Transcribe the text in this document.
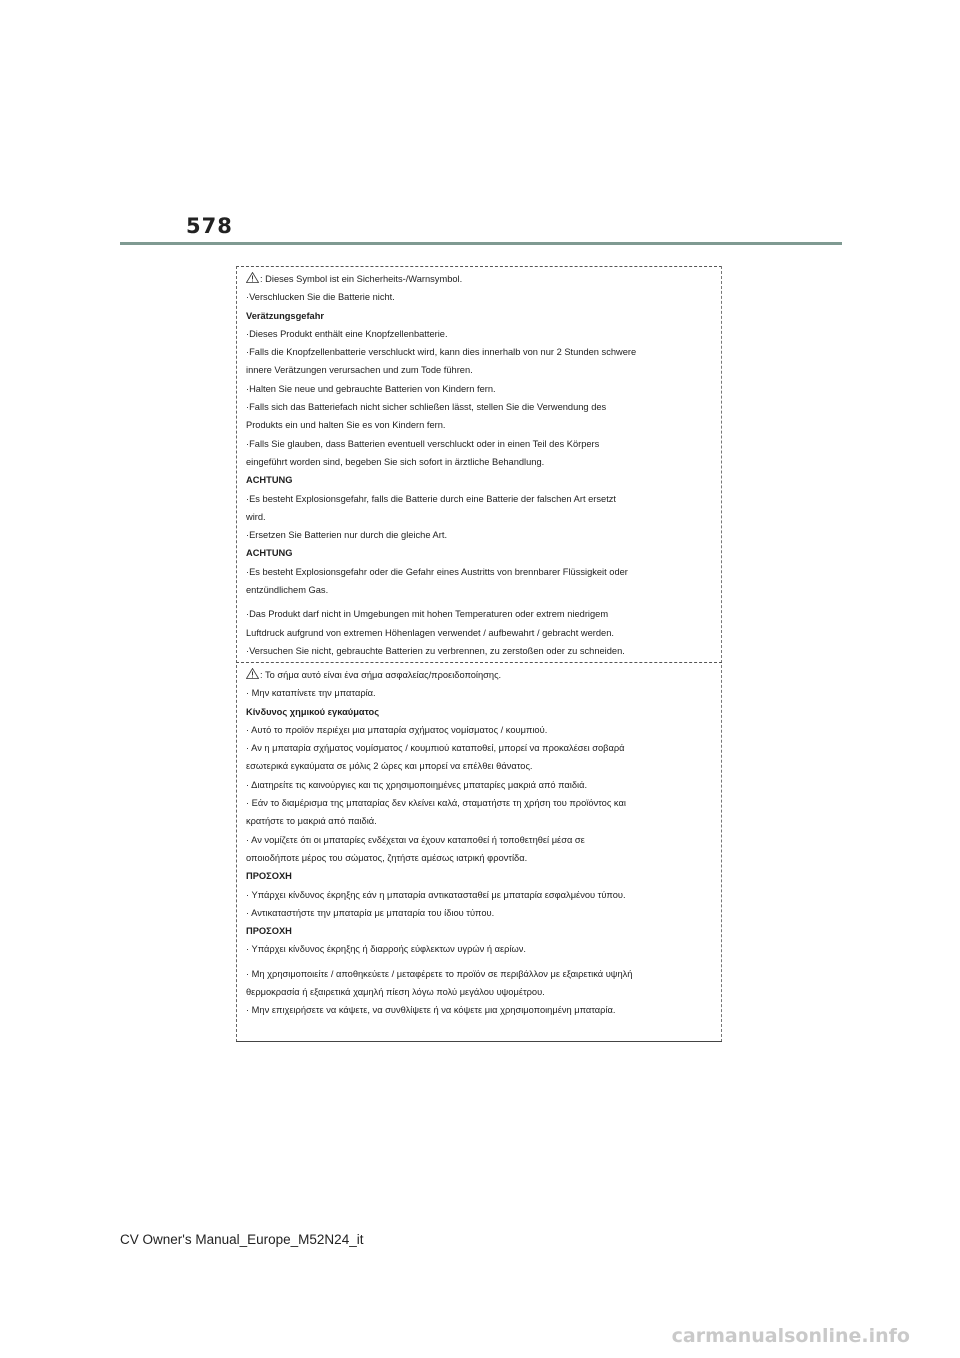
578

: Dieses Symbol ist ein Sicherheits-/Warnsymbol.

·Verschlucken Sie die Batterie nicht.

Verätzungsgefahr

·Dieses Produkt enthält eine Knopfzellenbatterie.

·Falls die Knopfzellenbatterie verschluckt wird, kann dies innerhalb von nur 2 Stunden schwere

innere Verätzungen verursachen und zum Tode führen.

·Halten Sie neue und gebrauchte Batterien von Kindern fern.

·Falls sich das Batteriefach nicht sicher schließen lässt, stellen Sie die Verwendung des

Produkts ein und halten Sie es von Kindern fern.

·Falls Sie glauben, dass Batterien eventuell verschluckt oder in einen Teil des Körpers

eingeführt worden sind, begeben Sie sich sofort in ärztliche Behandlung.

ACHTUNG

·Es besteht Explosionsgefahr, falls die Batterie durch eine Batterie der falschen Art ersetzt

wird.

·Ersetzen Sie Batterien nur durch die gleiche Art.

ACHTUNG

·Es besteht Explosionsgefahr oder die Gefahr eines Austritts von brennbarer Flüssigkeit oder

entzündlichem Gas.

·Das Produkt darf nicht in Umgebungen mit hohen Temperaturen oder extrem niedrigem

Luftdruck aufgrund von extremen Höhenlagen verwendet / aufbewahrt / gebracht werden.

·Versuchen Sie nicht, gebrauchte Batterien zu verbrennen, zu zerstoßen oder zu schneiden.

: Το σήμα αυτό είναι ένα σήμα ασφαλείας/προειδοποίησης.

· Μην καταπίνετε την μπαταρία.

Κίνδυνος χημικού εγκαύματος

· Αυτό το προϊόν περιέχει μια μπαταρία σχήματος νομίσματος / κουμπιού.

· Αν η μπαταρία σχήματος νομίσματος / κουμπιού καταποθεί, μπορεί να προκαλέσει σοβαρά

εσωτερικά εγκαύματα σε μόλις 2 ώρες και μπορεί να επέλθει θάνατος.

· Διατηρείτε τις καινούργιες και τις χρησιμοποιημένες μπαταρίες μακριά από παιδιά.

· Εάν το διαμέρισμα της μπαταρίας δεν κλείνει καλά, σταματήστε τη χρήση του προϊόντος και

κρατήστε το μακριά από παιδιά.

· Αν νομίζετε ότι οι μπαταρίες ενδέχεται να έχουν καταποθεί ή τοποθετηθεί μέσα σε

οποιοδήποτε μέρος του σώματος, ζητήστε αμέσως ιατρική φροντίδα.

ΠΡΟΣΟΧΗ

· Υπάρχει κίνδυνος έκρηξης εάν η μπαταρία αντικατασταθεί με μπαταρία εσφαλμένου τύπου.

· Αντικαταστήστε την μπαταρία με μπαταρία του ίδιου τύπου.

ΠΡΟΣΟΧΗ

· Υπάρχει κίνδυνος έκρηξης ή διαρροής εύφλεκτων υγρών ή αερίων.

· Μη χρησιμοποιείτε / αποθηκεύετε / μεταφέρετε το προϊόν σε περιβάλλον με εξαιρετικά υψηλή

θερμοκρασία ή εξαιρετικά χαμηλή πίεση λόγω πολύ μεγάλου υψομέτρου.

· Μην επιχειρήσετε να κάψετε, να συνθλίψετε ή να κόψετε μια χρησιμοποιημένη μπαταρία.

CV Owner's Manual_Europe_M52N24_it
carmanualsonline.info
